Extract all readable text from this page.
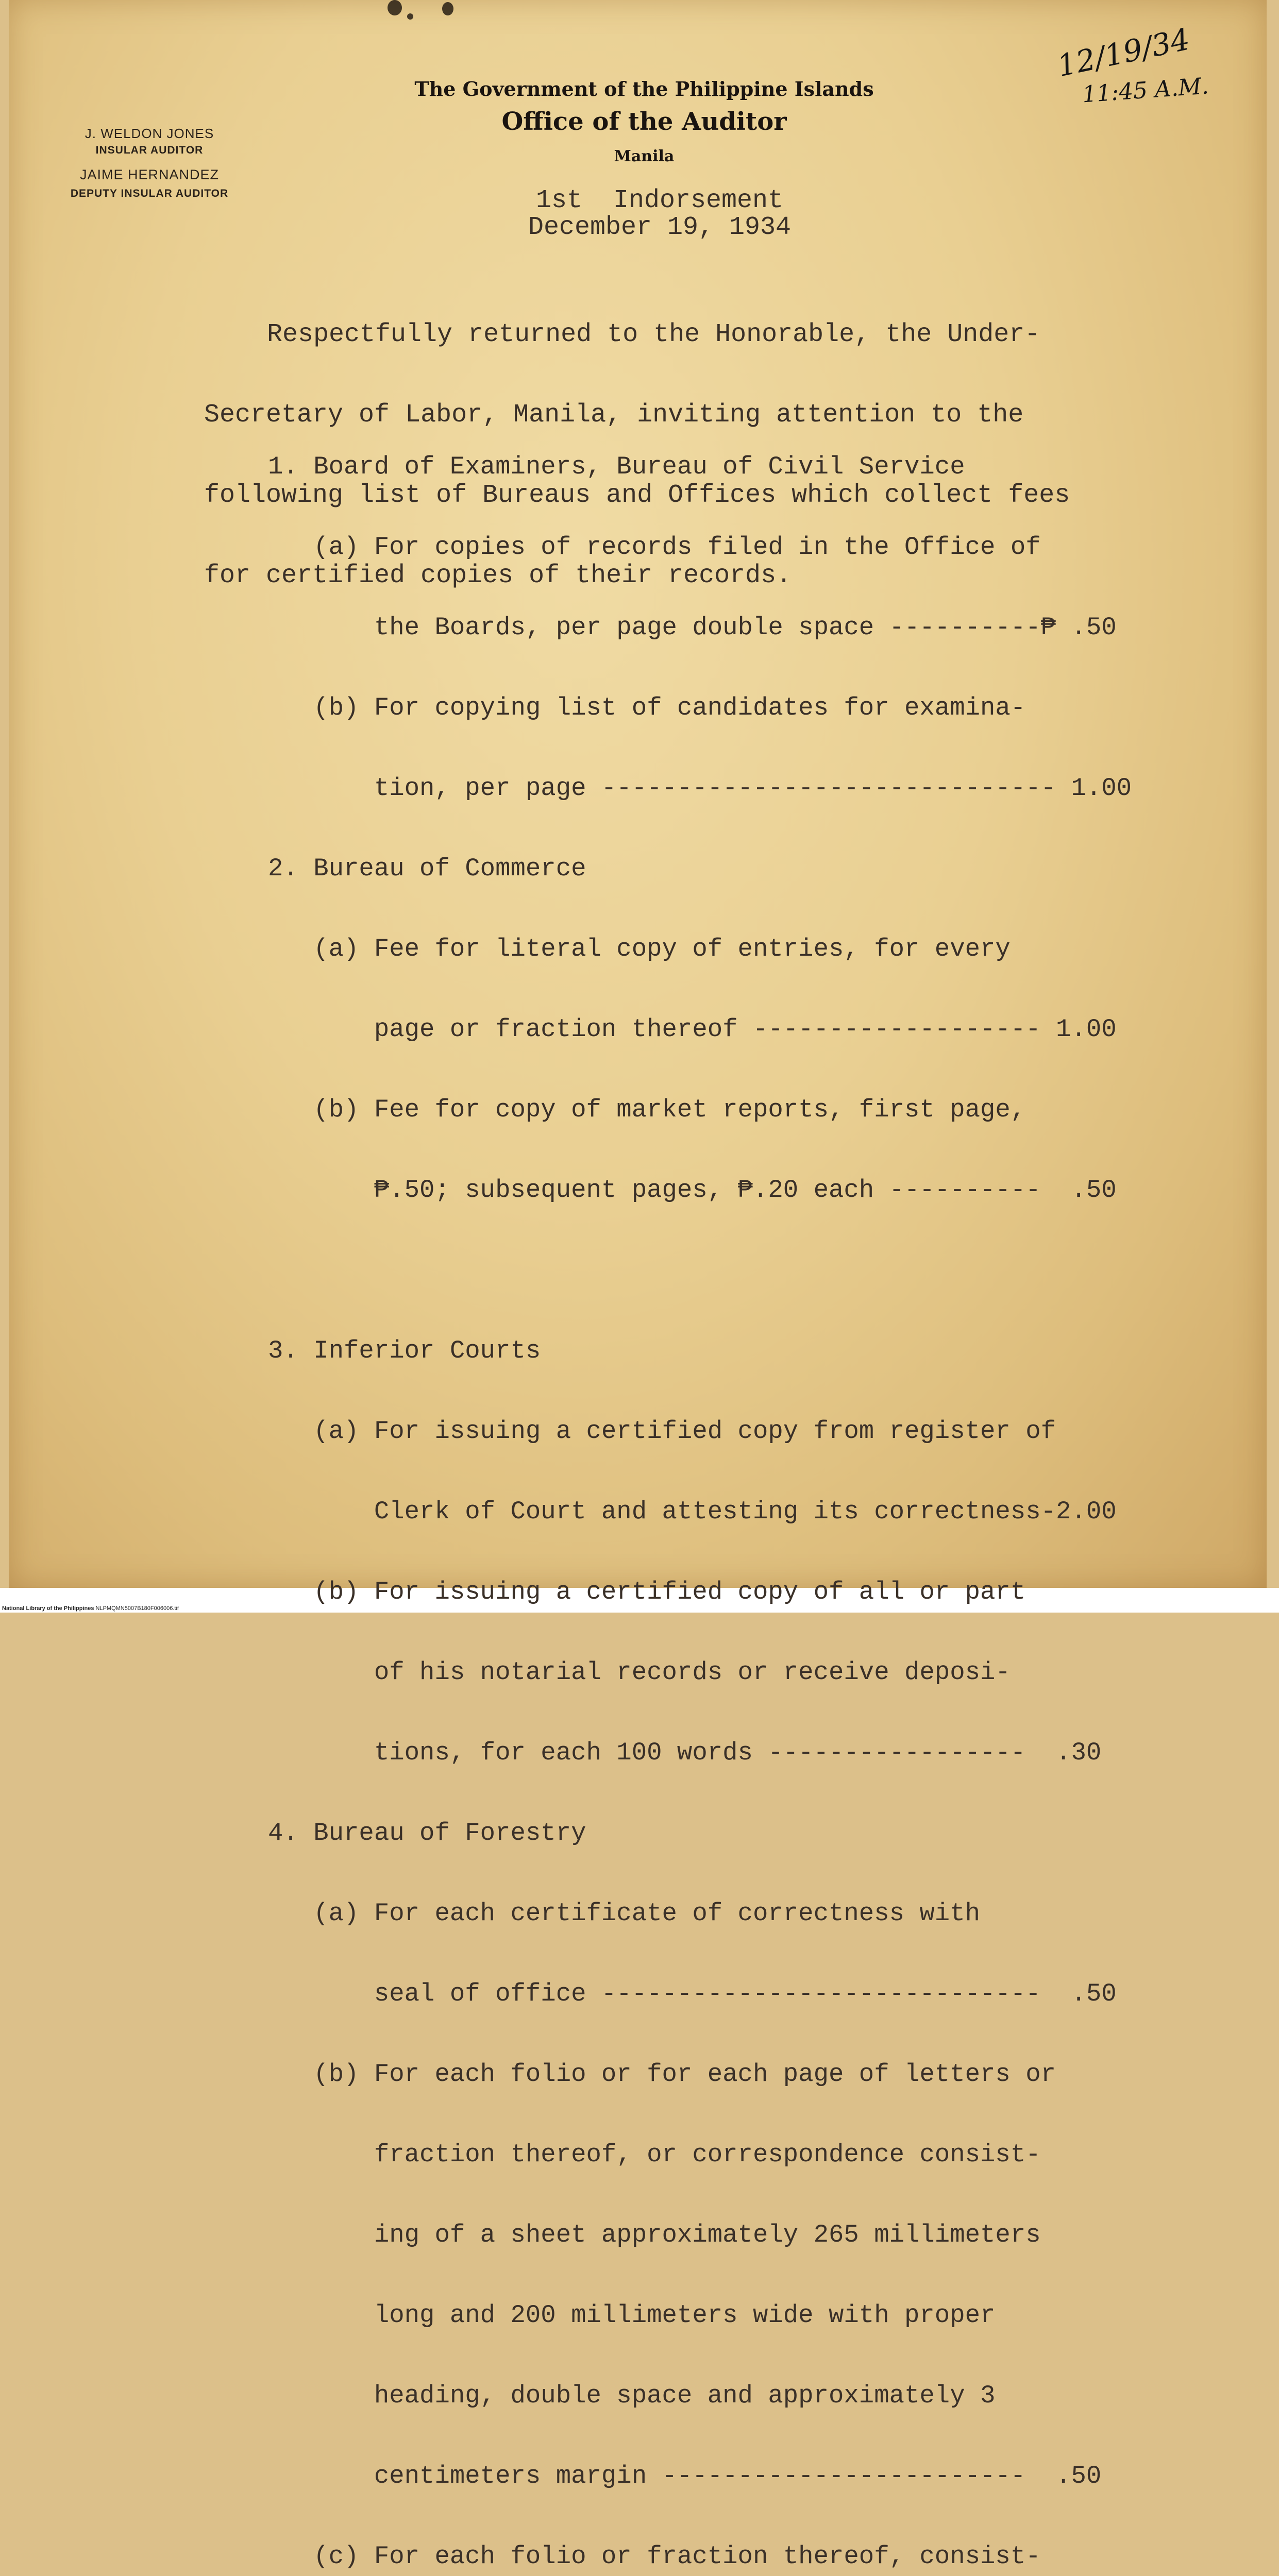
The Government of the Philippine Islands
Office of the Auditor
Manila
J. WELDON JONES
INSULAR AUDITOR
JAIME HERNANDEZ
DEPUTY INSULAR AUDITOR
12/19/34
11:45 A.M.
1st  Indorsement
December 19, 1934

Respectfully returned to the Honorable, the Under-

Secretary of Labor, Manila, inviting attention to the

following list of Bureaus and Offices which collect fees

for certified copies of their records.

1. Board of Examiners, Bureau of Civil Service

(a) For copies of records filed in the Office of

the Boards, per page double space ----------₱ .50

(b) For copying list of candidates for examina-

tion, per page ------------------------------ 1.00

2. Bureau of Commerce

(a) Fee for literal copy of entries, for every

page or fraction thereof ------------------- 1.00

(b) Fee for copy of market reports, first page,

₱.50; subsequent pages, ₱.20 each ----------  .50

3. Inferior Courts

(a) For issuing a certified copy from register of

Clerk of Court and attesting its correctness-2.00

(b) For issuing a certified copy of all or part

of his notarial records or receive deposi-

tions, for each 100 words -----------------  .30

4. Bureau of Forestry

(a) For each certificate of correctness with

seal of office -----------------------------  .50

(b) For each folio or for each page of letters or

fraction thereof, or correspondence consist-

ing of a sheet approximately 265 millimeters

long and 200 millimeters wide with proper

heading, double space and approximately 3

centimeters margin ------------------------  .50

(c) For each folio or fraction thereof, consist-

National Library of the Philippines NLPMQMN5007B180F006006.tif
